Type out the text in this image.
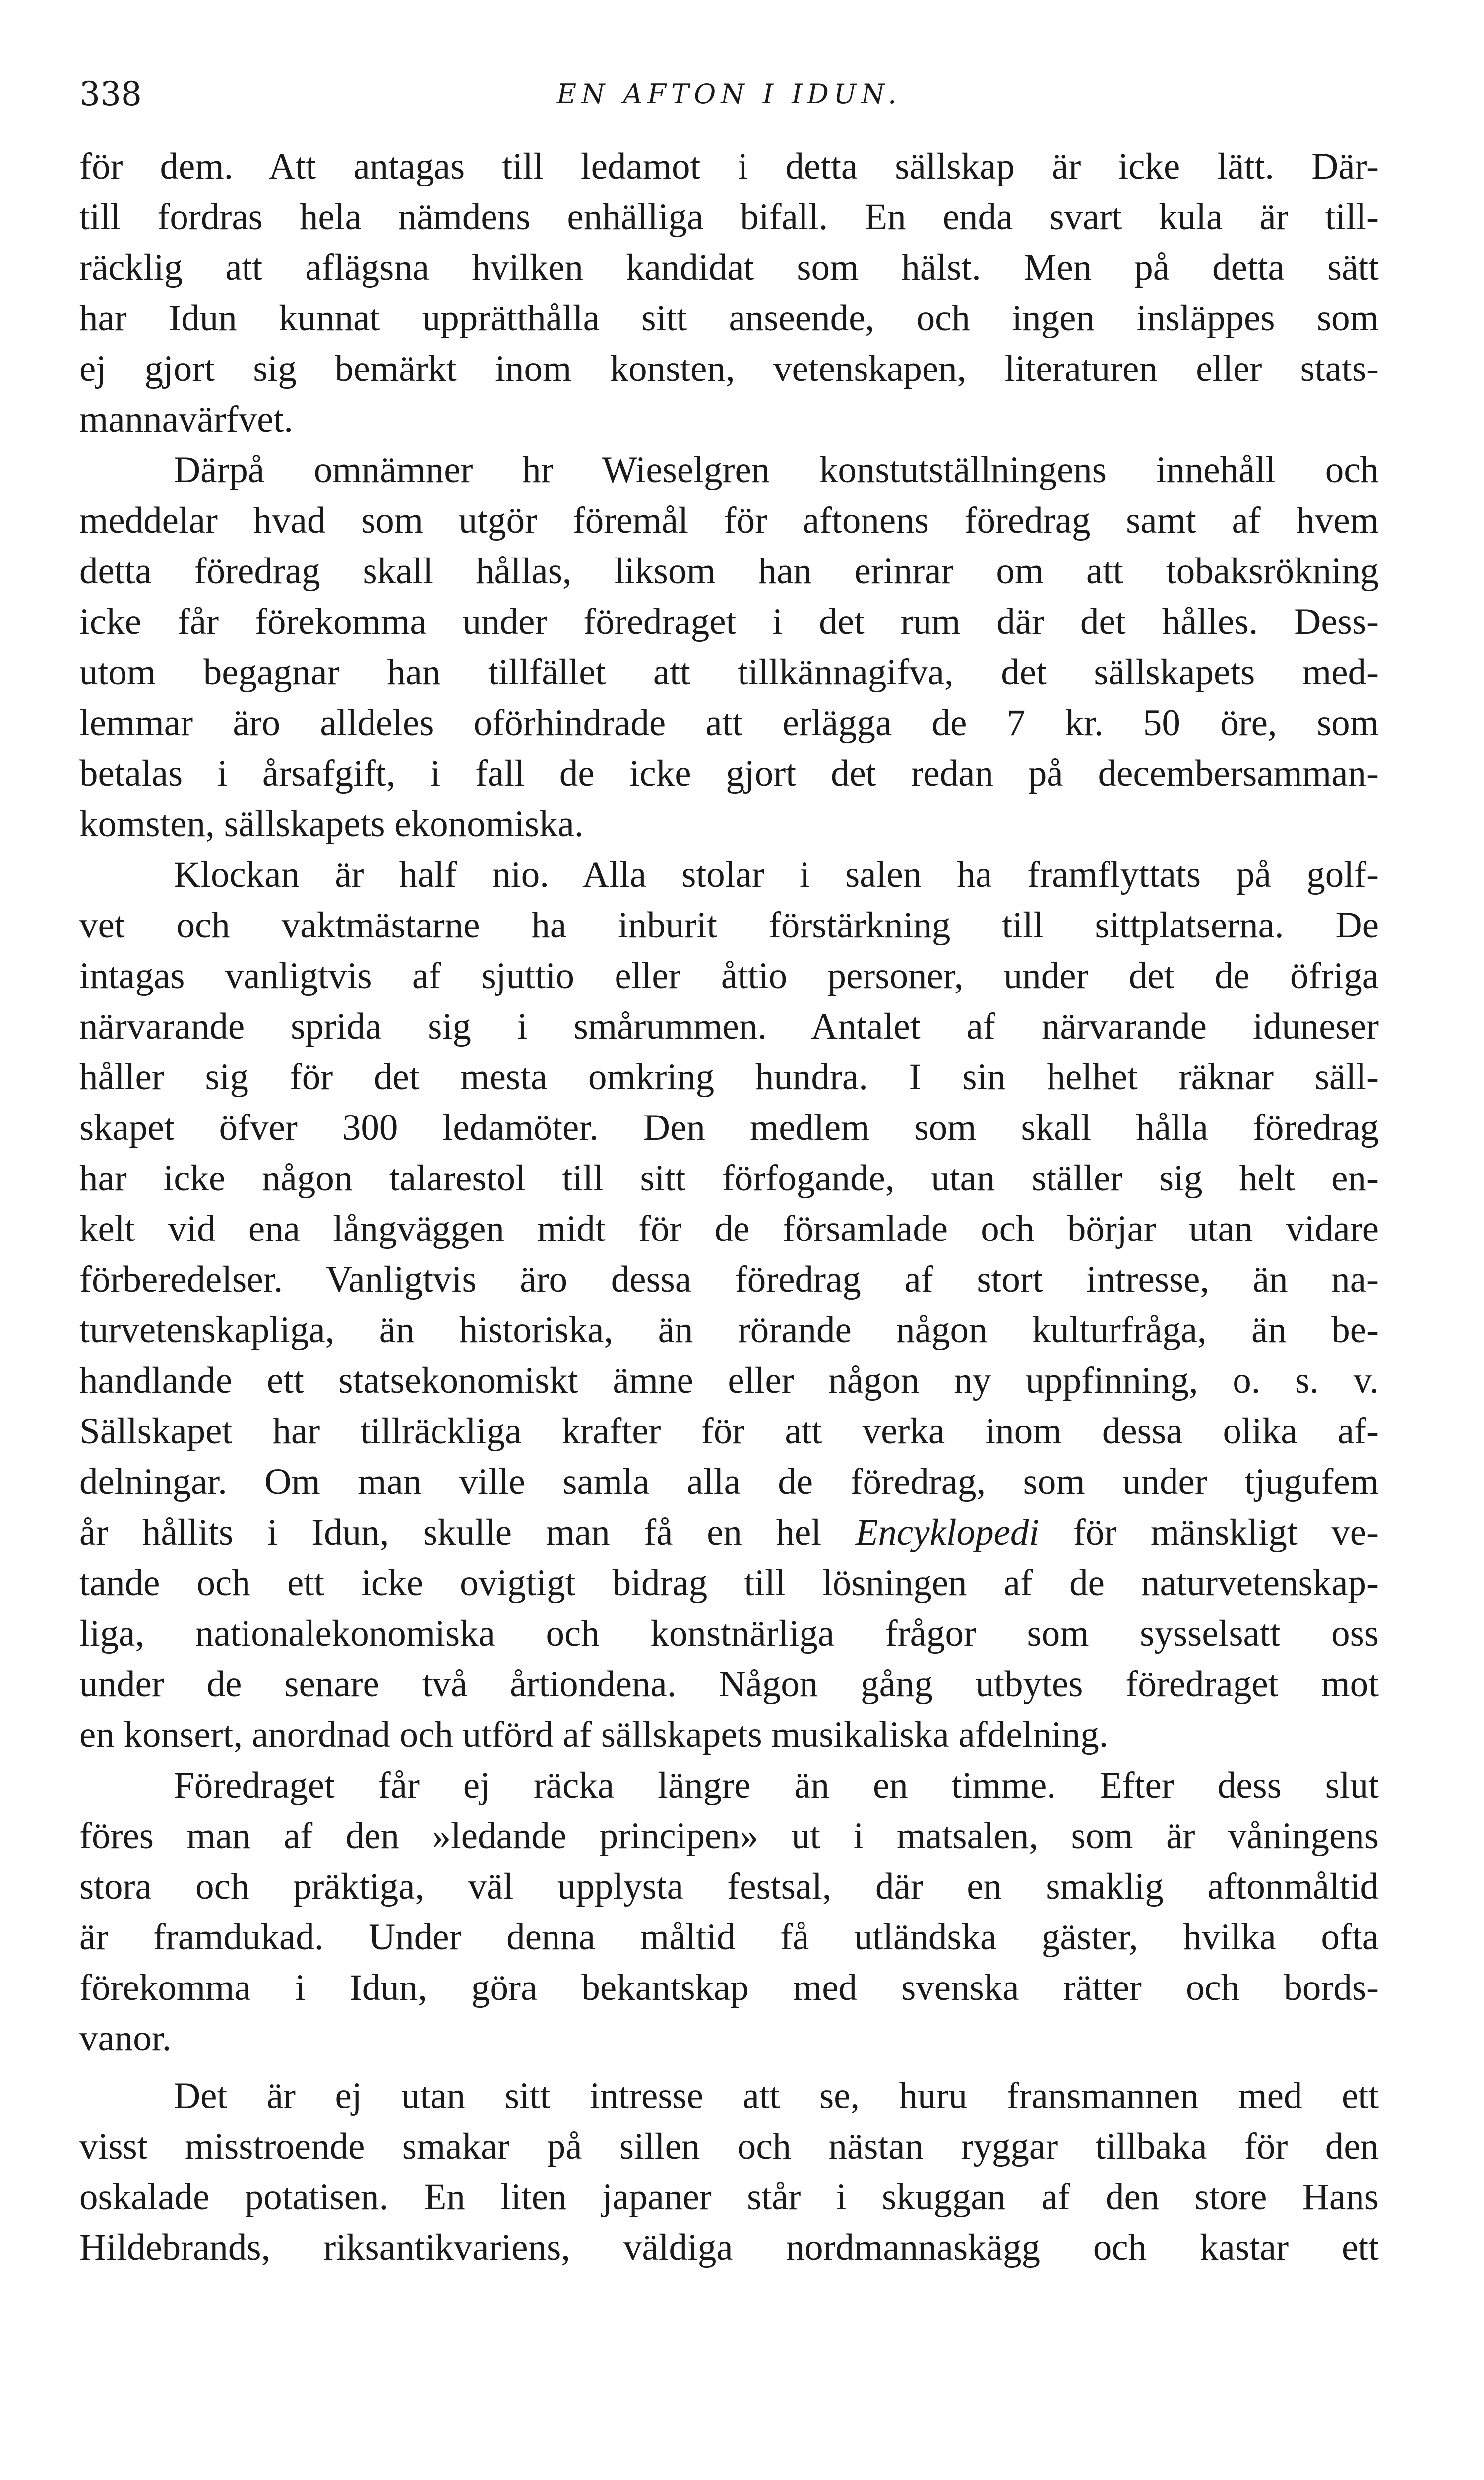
338	EN AFTON I IDUN.
för dem. Att antagas till ledamot i detta sällskap är icke lätt. Där-
till fordras hela nämdens enhälliga bifall. En enda svart kula är till-
räcklig att aflägsna hvilken kandidat som hälst. Men på detta sätt
har Idun kunnat upprätthålla sitt anseende, och ingen insläppes som
ej gjort sig bemärkt inom konsten, vetenskapen, literaturen eller stats-
mannavärfvet.
Därpå omnämner hr Wieselgren konstutställningens innehåll och
meddelar hvad som utgör föremål för aftonens föredrag samt af hvem
detta föredrag skall hållas, liksom han erinrar om att tobaksrökning
icke får förekomma under föredraget i det rum där det hålles. Dess-
utom begagnar han tillfället att tillkännagifva, det sällskapets med-
lemmar äro alldeles oförhindrade att erlägga de 7 kr. 50 öre, som
betalas i årsafgift, i fall de icke gjort det redan på decembersamman-
komsten, sällskapets ekonomiska.
Klockan är half nio. Alla stolar i salen ha framflyttats på golf-
vet och vaktmästarne ha inburit förstärkning till sittplatserna. De
intagas vanligtvis af sjuttio eller åttio personer, under det de öfriga
närvarande sprida sig i smårummen. Antalet af närvarande iduneser
håller sig för det mesta omkring hundra. I sin helhet räknar säll-
skapet öfver 300 ledamöter. Den medlem som skall hålla föredrag
har icke någon talarestol till sitt förfogande, utan ställer sig helt en-
kelt vid ena långväggen midt för de församlade och börjar utan vidare
förberedelser. Vanligtvis äro dessa föredrag af stort intresse, än na-
turvetenskapliga, än historiska, än rörande någon kulturfråga, än be-
handlande ett statsekonomiskt ämne eller någon ny uppfinning, o. s. v.
Sällskapet har tillräckliga krafter för att verka inom dessa olika af-
delningar. Om man ville samla alla de föredrag, som under tjugufem
år hållits i Idun, skulle man få en hel Encyklopedi för mänskligt ve-
tande och ett icke ovigtigt bidrag till lösningen af de naturvetenskap-
liga, nationalekonomiska och konstnärliga frågor som sysselsatt oss
under de senare två årtiondena. Någon gång utbytes föredraget mot
en konsert, anordnad och utförd af sällskapets musikaliska afdelning.
Föredraget får ej räcka längre än en timme. Efter dess slut
föres man af den »ledande principen» ut i matsalen, som är våningens
stora och präktiga, väl upplysta festsal, där en smaklig aftonmåltid
är framdukad. Under denna måltid få utländska gäster, hvilka ofta
förekomma i Idun, göra bekantskap med svenska rätter och bords-
vanor.
Det är ej utan sitt intresse att se, huru fransmannen med ett
visst misstroende smakar på sillen och nästan ryggar tillbaka för den
oskalade potatisen. En liten japaner står i skuggan af den store Hans
Hildebrands, riksantikvariens, väldiga nordmannaskägg och kastar ett
